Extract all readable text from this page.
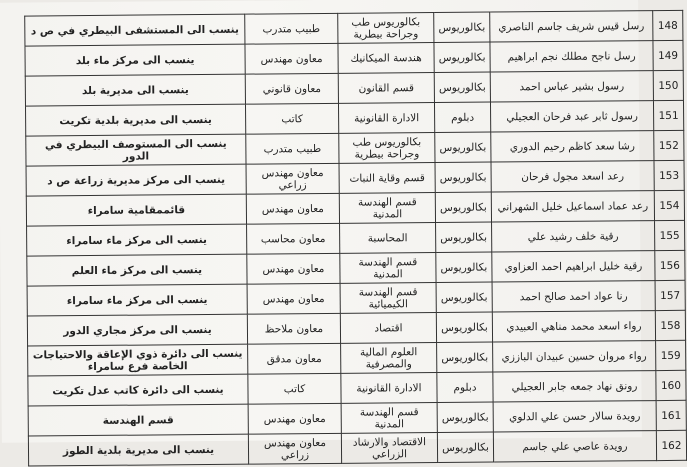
ينسب الى المستشفى البيطري في ص د	طبيب متدرب	بكالوريوس طب وجراحة بيطرية	بكالوريوس	رسل قيس شريف جاسم الناصري	148
ينسب الى مركز ماء بلد	معاون مهندس	هندسة الميكانيك	بكالوريوس	رسل ناجح مطلك نجم ابراهيم	149
ينسب الى مديرية بلد	معاون قانوني	قسم القانون	بكالوريوس	رسول بشير عباس احمد	150
ينسب الى مديرية بلدية تكريت	كاتب	الادارة القانونية	دبلوم	رسول ثابر عبد فرحان العجيلي	151
ينسب الى المستوصف البيطري في الدور	طبيب متدرب	بكالوريوس طب وجراحة بيطرية	بكالوريوس	رشا سعد كاظم رحيم الدوري	152
ينسب الى مركز مديرية زراعة ص د	معاون مهندس زراعي	قسم وقاية النبات	بكالوريوس	رعد اسعد مجول فرحان	153
قائممقامية سامراء	معاون مهندس	قسم الهندسة المدنية	بكالوريوس	رعد عماد اسماعيل خليل الشهراني	154
ينسب الى مركز ماء سامراء	معاون محاسب	المحاسبة	بكالوريوس	رقية خلف رشيد علي	155
ينسب الى مركز ماء العلم	معاون مهندس	قسم الهندسة المدنية	بكالوريوس	رقية خليل ابراهيم احمد العزاوي	156
ينسب الى مركز ماء سامراء	معاون مهندس	قسم الهندسة الكيميائية	بكالوريوس	رنا عواد احمد صالح احمد	157
ينسب الى مركز مجاري الدور	معاون ملاحظ	اقتصاد	بكالوريوس	رواء اسعد محمد مناهي العبيدي	158
ينسب الى دائرة ذوي الإعاقة والاحتياجات الخاصة فرع سامراء	معاون مدقق	العلوم المالية والمصرفية	بكالوريوس	رواء مروان حسين عبيدان الباززي	159
ينسب الى دائرة كاتب عدل تكريت	كاتب	الادارة القانونية	دبلوم	رونق نهاد جمعه جابر العجيلي	160
قسم الهندسة	معاون مهندس	قسم الهندسة المدنية	بكالوريوس	رويدة سالار حسن علي الدلوي	161
ينسب الى مديرية بلدية الطوز	معاون مهندس زراعي	الاقتصاد والارشاد الزراعي	بكالوريوس	رويدة عاصي علي جاسم	162
